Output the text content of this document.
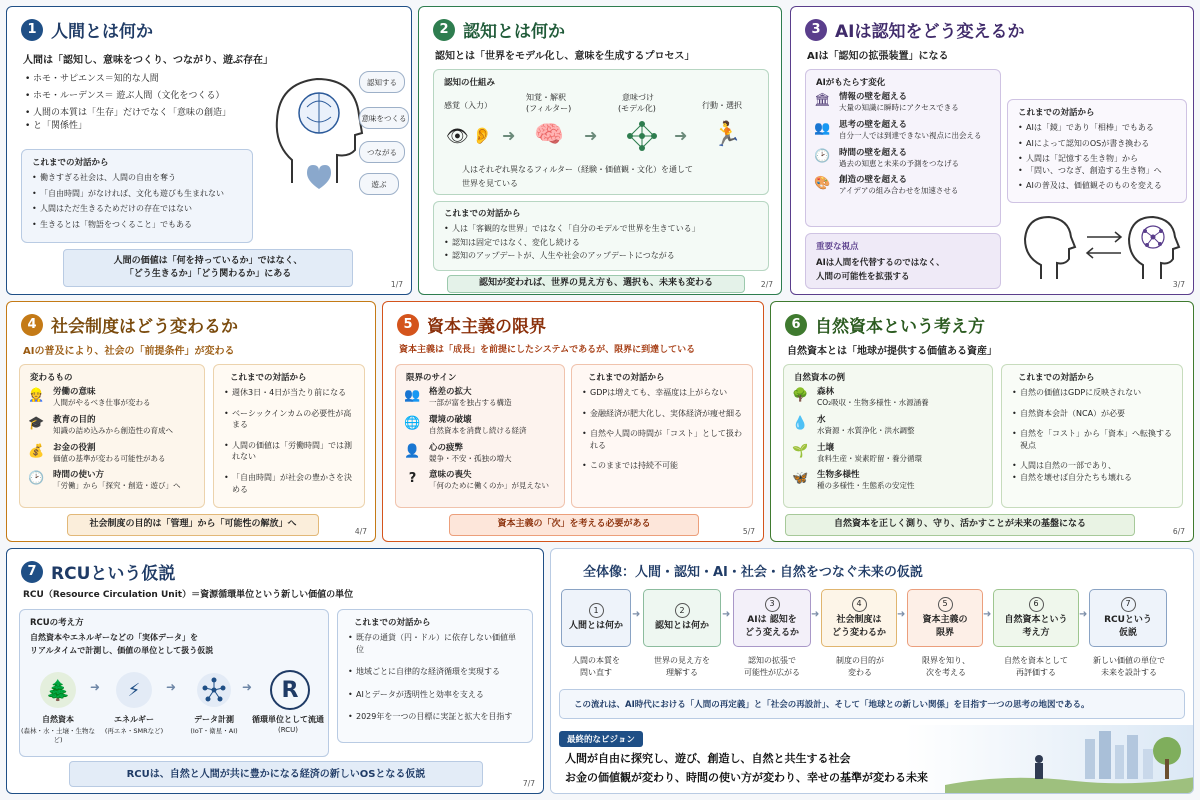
1 人間とは何か
人間は「認知し、意味をつくり、つながり、遊ぶ存在」
• ホモ・サピエンス＝知的な人間
• ホモ・ルーデンス＝ 遊ぶ人間（文化をつくる）
• 人間の本質は「生存」だけでなく「意味の創造」
• と「関係性」
認知する
意味をつくる
つながる
遊ぶ
これまでの対話から
• 働きすぎる社会は、人間の自由を奪う
• 「自由時間」がなければ、文化も遊びも生まれない
• 人間はただ生きるためだけの存在ではない
• 生きるとは「物語をつくること」でもある
人間の価値は「何を持っているか」ではなく、
「どう生きるか」「どう関わるか」にある
1/7
2 認知とは何か
認知とは「世界をモデル化し、意味を生成するプロセス」
認知の仕組み
感覚（入力）
知覚・解釈
(フィルター)
意味づけ
(モデル化)	行動・選択
👁 👂 ➜ 🧠 ➜	➜ 🏃
人はそれぞれ異なるフィルター（経験・価値観・文化）を通して
世界を見ている
これまでの対話から
• 人は「客観的な世界」ではなく「自分のモデルで世界を生きている」
• 認知は固定ではなく、変化し続ける
• 認知のアップデートが、人生や社会のアップデートにつながる
認知が変われば、世界の見え方も、選択も、未来も変わる	2/7
3 AIは認知をどう変えるか
AIは「認知の拡張装置」になる
AIがもたらす変化
🏛 情報の壁を超える
大量の知識に瞬時にアクセスできる
👥 思考の壁を超える
自分一人では到達できない視点に出会える
🕑 時間の壁を超える
過去の知恵と未来の予測をつなげる
🎨 創造の壁を超える
アイデアの組み合わせを加速させる
重要な視点
AIは人間を代替するのではなく、
人間の可能性を拡張する
これまでの対話から
• AIは「鏡」であり「相棒」でもある
• AIによって認知のOSが書き換わる
• 人間は「記憶する生き物」から
• 「問い、つなぎ、創造する生き物」へ
• AIの普及は、価値観そのものを変える
3/7
4 社会制度はどう変わるか
AIの普及により、社会の「前提条件」が変わる
変わるもの
👷 労働の意味
人間がやるべき仕事が変わる
🎓 教育の目的
知識の詰め込みから創造性の育成へ
💰 お金の役割
価値の基準が変わる可能性がある
🕑 時間の使い方
「労働」から「探究・創造・遊び」へ
これまでの対話から
• 週休3日・4日が当たり前になる
• ベーシックインカムの必要性が高まる
• 人間の価値は「労働時間」では測れない
• 「自由時間」が社会の豊かさを決める
社会制度の目的は「管理」から「可能性の解放」へ
4/7
5 資本主義の限界
資本主義は「成長」を前提にしたシステムであるが、限界に到達している
限界のサイン
👥 格差の拡大
一部が富を独占する構造
🌐 環境の破壊
自然資本を消費し続ける経済
👤 心の疲弊
競争・不安・孤独の増大
?	意味の喪失
「何のために働くのか」が見えない
これまでの対話から
• GDPは増えても、幸福度は上がらない
• 金融経済が肥大化し、実体経済が痩せ細る
• 自然や人間の時間が「コスト」として扱われる
• このままでは持続不可能
資本主義の「次」を考える必要がある
5/7
6 自然資本という考え方
自然資本とは「地球が提供する価値ある資産」
自然資本の例
🌳 森林
CO₂吸収・生物多様性・水源涵養
💧 水
水資源・水質浄化・洪水調整
🌱 土壌
食料生産・炭素貯留・養分循環
🦋 生物多様性
種の多様性・生態系の安定性
これまでの対話から
• 自然の価値はGDPに反映されない
• 自然資本会計（NCA）が必要
• 自然を「コスト」から「資本」へ転換する視点
• 人間は自然の一部であり、
• 自然を壊せば自分たちも壊れる
自然資本を正しく測り、守り、活かすことが未来の基盤になる
6/7
7 RCUという仮説
RCU（Resource Circulation Unit）＝資源循環単位という新しい価値の単位
RCUの考え方
自然資本やエネルギーなどの「実体データ」を
リアルタイムで計測し、価値の単位として扱う仮説
🌲	➜	⚡	➜	➜	R
自然資本
(森林・水・土壌・生物など)
エネルギー
(再エネ・SMRなど)
データ計測
(IoT・衛星・AI)
循環単位として流通
(RCU)
これまでの対話から
• 既存の通貨（円・ドル）に依存しない価値単位
• 地域ごとに自律的な経済循環を実現する
• AIとデータが透明性と効率を支える
• 2029年を一つの目標に実証と拡大を目指す
RCUは、自然と人間が共に豊かになる経済の新しいOSとなる仮説
7/7
全体像：人間・認知・AI・社会・自然をつなぐ未来の仮説
1
人間とは何か
2
認知とは何か
3
AIは 認知を
どう変えるか
4
社会制度は
どう変わるか
5
資本主義の
限界
6
自然資本という
考え方
7
RCUという
仮説
➜	➜	➜	➜	➜	➜
人間の本質を
問い直す
世界の見え方を
理解する
認知の拡張で
可能性が広がる
制度の目的が
変わる
限界を知り、
次を考える
自然を資本として
再評価する
新しい価値の単位で
未来を設計する
この流れは、AI時代における「人間の再定義」と「社会の再設計」、そして「地球との新しい関係」を目指す一つの思考の地図である。
最終的なビジョン
人間が自由に探究し、遊び、創造し、自然と共生する社会
お金の価値観が変わり、時間の使い方が変わり、幸せの基準が変わる未来
